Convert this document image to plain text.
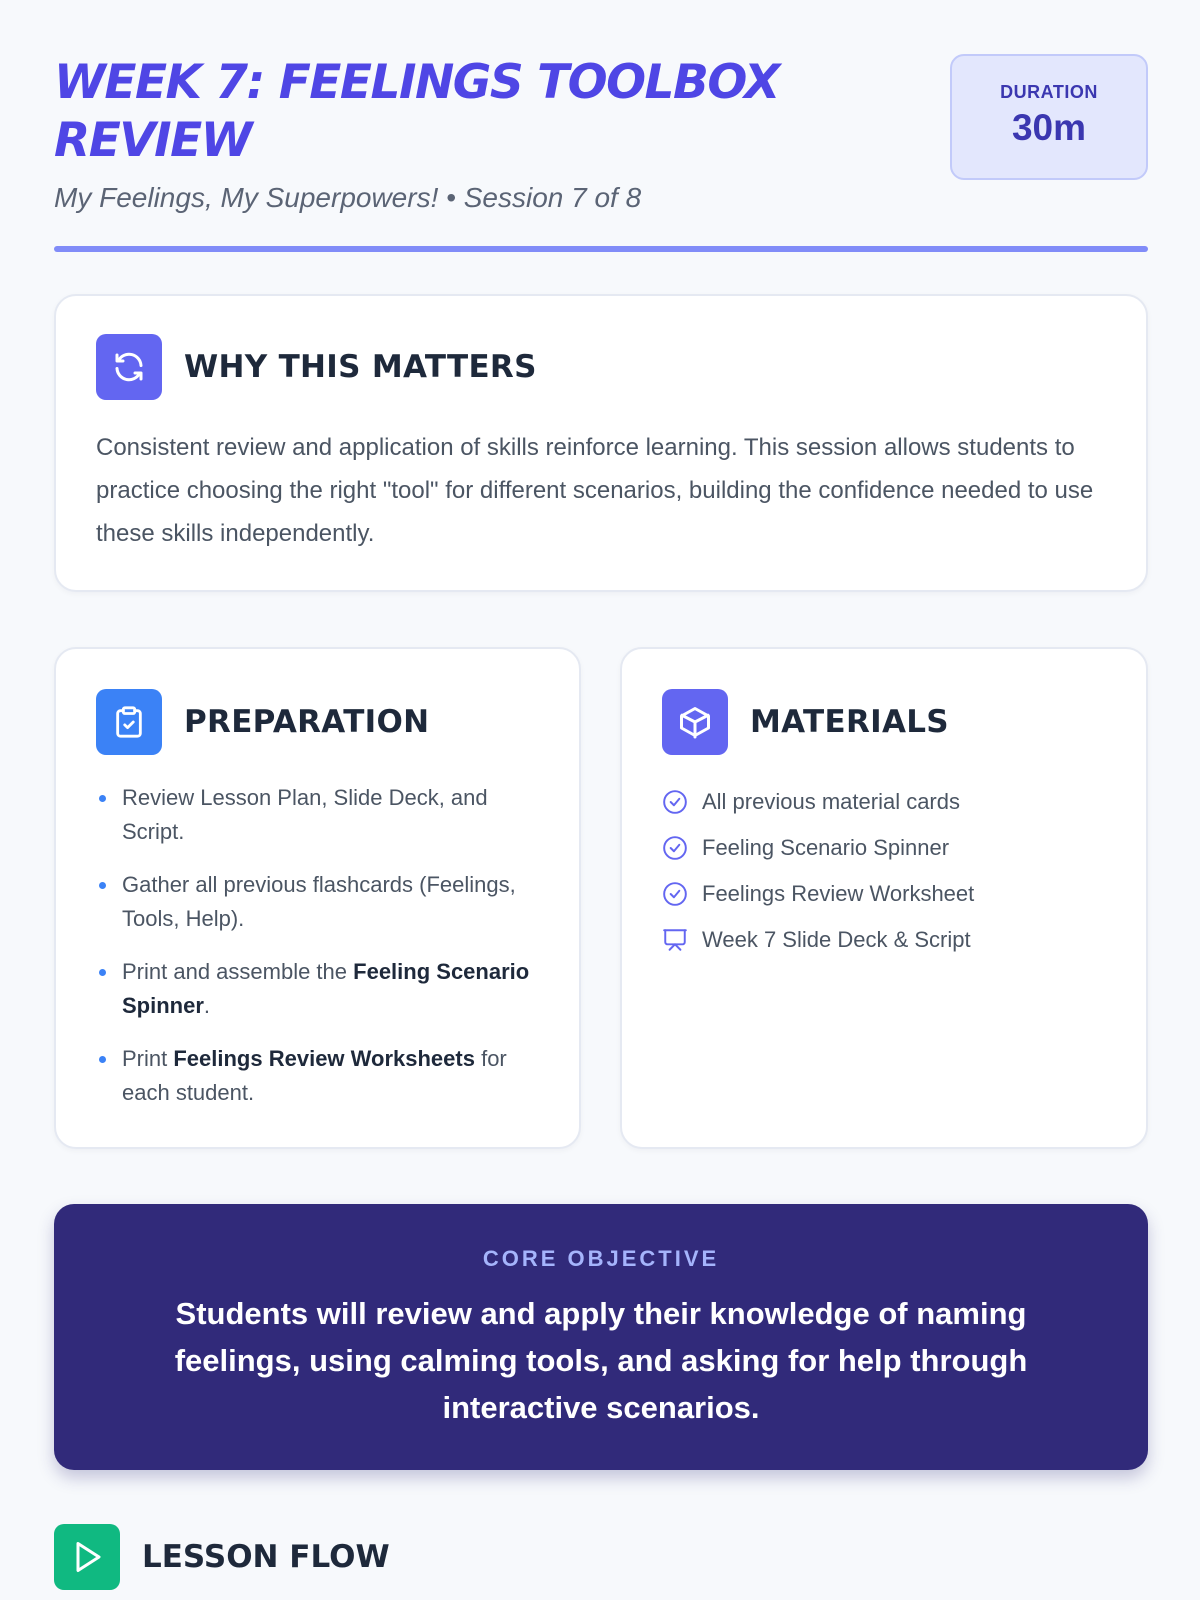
WEEK 7: FEELINGS TOOLBOX REVIEW
My Feelings, My Superpowers! • Session 7 of 8
DURATION
30m
WHY THIS MATTERS

Consistent review and application of skills reinforce learning. This session allows students to practice choosing the right "tool" for different scenarios, building the confidence needed to use these skills independently.

PREPARATION
Review Lesson Plan, Slide Deck, and Script.
Gather all previous flashcards (Feelings, Tools, Help).
Print and assemble the Feeling Scenario Spinner.
Print Feelings Review Worksheets for each student.
MATERIALS
All previous material cards
Feeling Scenario Spinner
Feelings Review Worksheet
Week 7 Slide Deck & Script
CORE OBJECTIVE
Students will review and apply their knowledge of naming feelings, using calming tools, and asking for help through interactive scenarios.
LESSON FLOW
